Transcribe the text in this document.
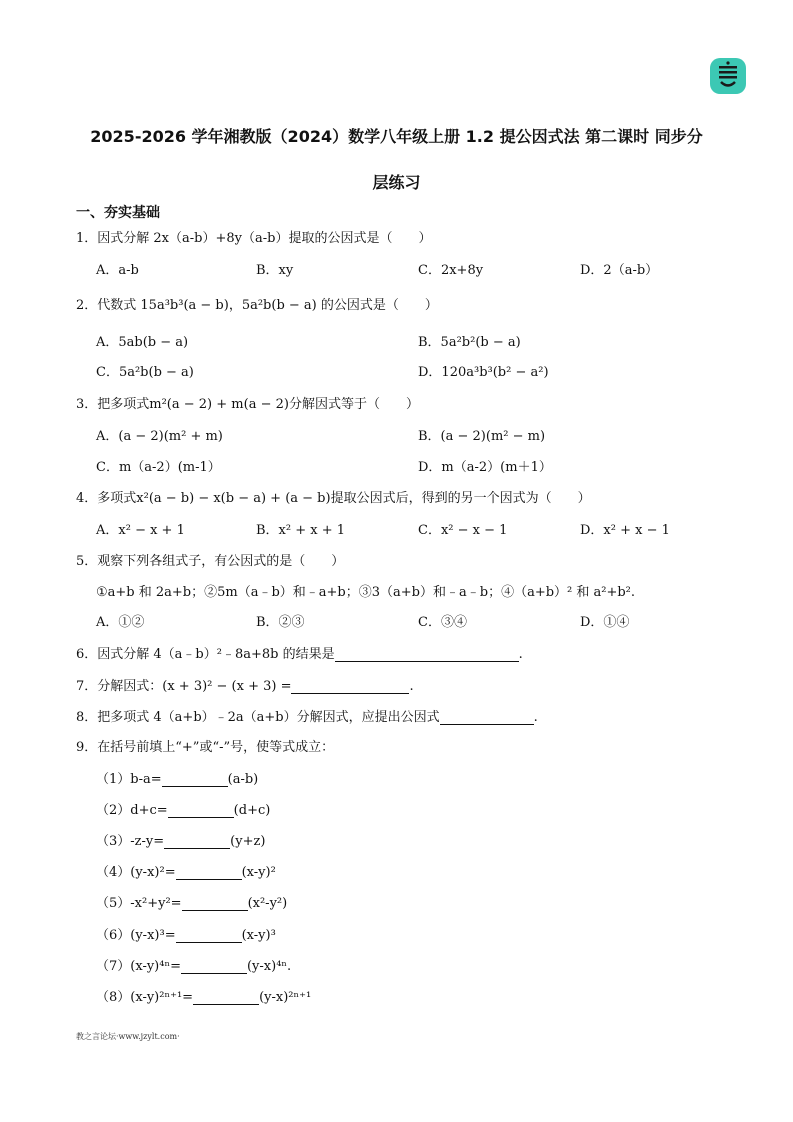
2025-2026 学年湘教版（2024）数学八年级上册 1.2 提公因式法 第二课时 同步分
层练习
一、夯实基础
1．因式分解 2x（a-b）+8y（a-b）提取的公因式是（　　）
A．a-b	B．xy	C．2x+8y	D．2（a-b）
2．代数式 15a³b³(a − b)，5a²b(b − a) 的公因式是（　　）
A．5ab(b − a)	B．5a²b²(b − a)
C．5a²b(b − a)	D．120a³b³(b² − a²)
3．把多项式m²(a − 2) + m(a − 2)分解因式等于（　　）
A．(a − 2)(m² + m)	B．(a − 2)(m² − m)
C．m（a-2）(m-1）	D．m（a-2）(m＋1）
4．多项式x²(a − b) − x(b − a) + (a − b)提取公因式后，得到的另一个因式为（　　）
A．x² − x + 1	B．x² + x + 1	C．x² − x − 1	D．x² + x − 1
5．观察下列各组式子，有公因式的是（　　）
①a+b 和 2a+b；②5m（a﹣b）和﹣a+b；③3（a+b）和﹣a﹣b；④（a+b）² 和 a²+b².
A．①②	B．②③	C．③④	D．①④
6．因式分解 4（a﹣b）²﹣8a+8b 的结果是	.
7．分解因式：(x + 3)² − (x + 3) =	.
8．把多项式 4（a+b）﹣2a（a+b）分解因式，应提出公因式	.
9．在括号前填上“+”或“-”号，使等式成立：
（1）b-a=	(a-b)
（2）d+c=	(d+c)
（3）-z-y=	(y+z)
（4）(y-x)²=	(x-y)²
（5）-x²+y²=	(x²-y²)
（6）(y-x)³=	(x-y)³
（7）(x-y)⁴ⁿ=	(y-x)⁴ⁿ.
（8）(x-y)²ⁿ⁺¹=	(y-x)²ⁿ⁺¹
教之言论坛·www.jzylt.com·
